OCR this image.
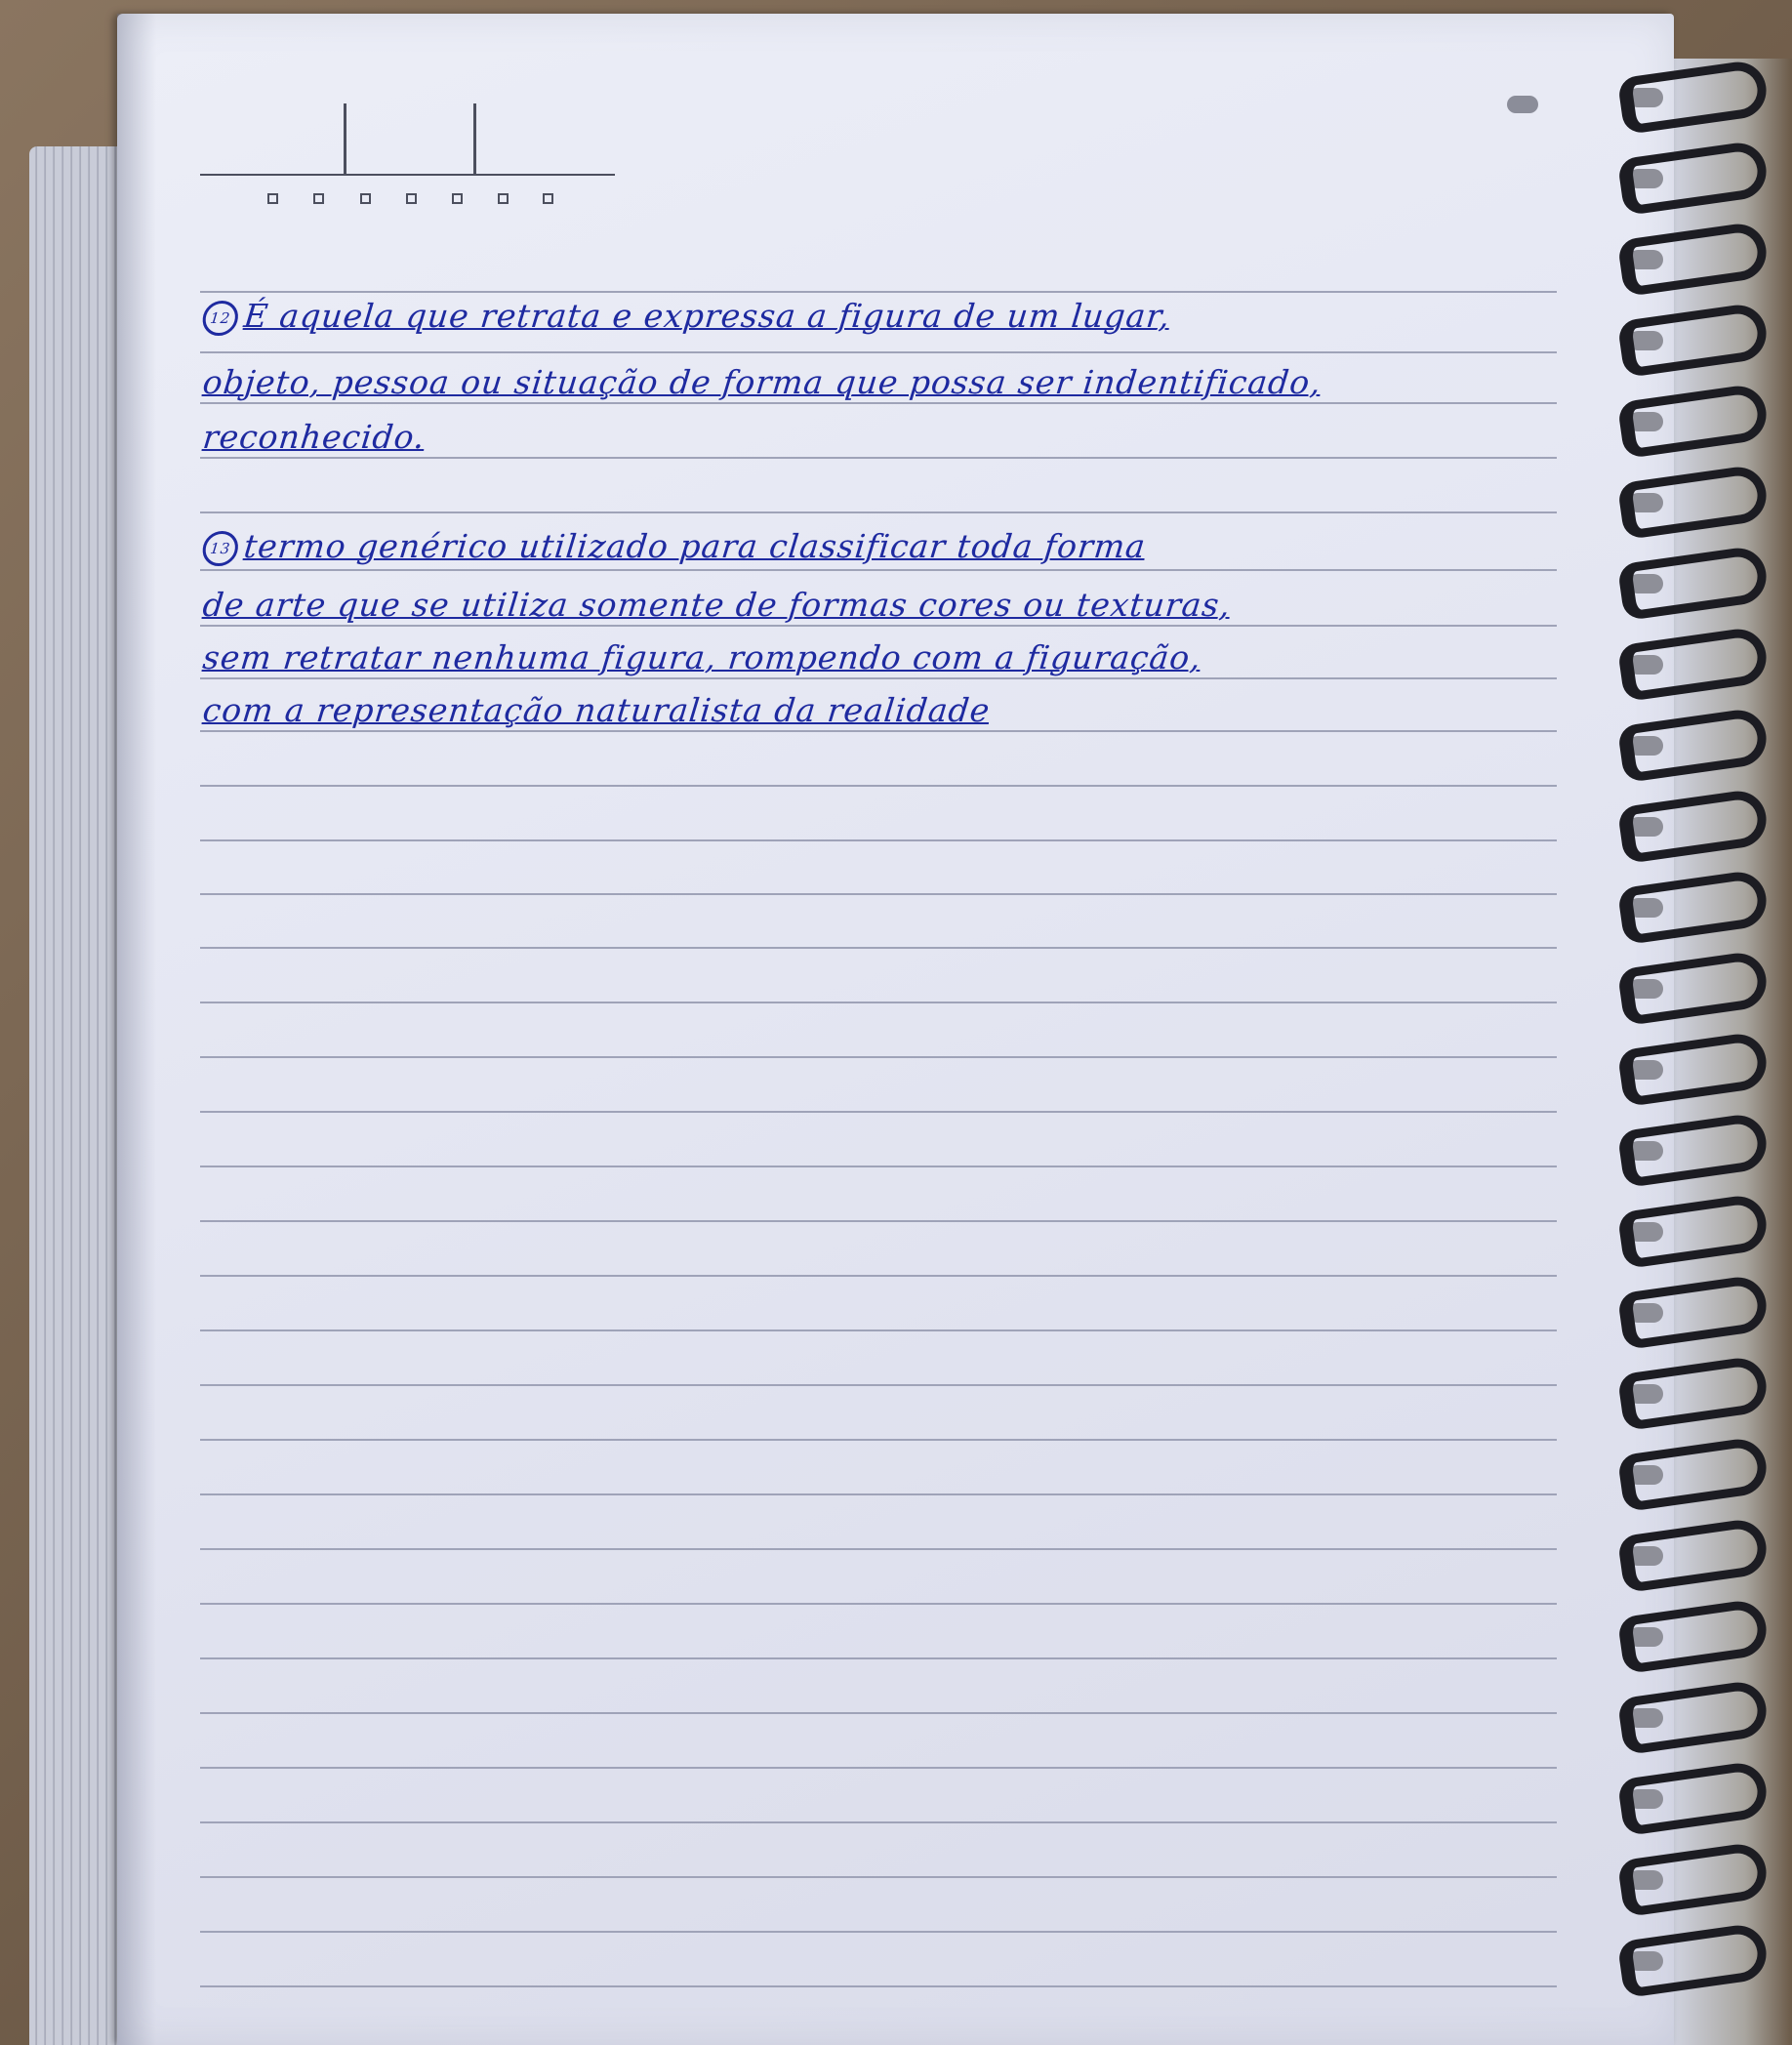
12 É aquela que retrata e expressa a figura de um lugar,
objeto, pessoa ou situação de forma que possa ser indentificado,
reconhecido.
13 termo genérico utilizado para classificar toda forma
de arte que se utiliza somente de formas cores ou texturas,
sem retratar nenhuma figura, rompendo com a figuração,
com a representação naturalista da realidade
